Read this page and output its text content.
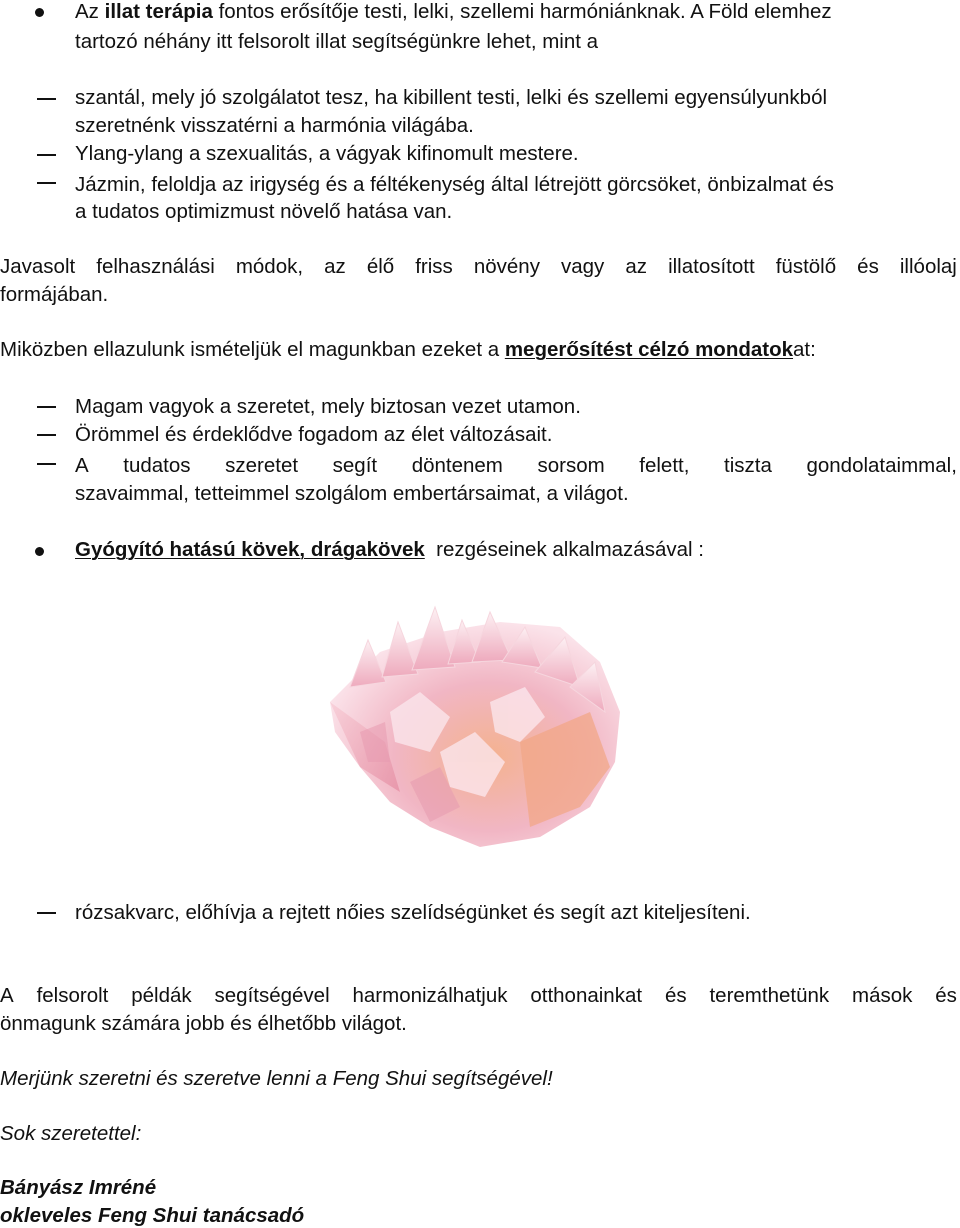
Az illat terápia fontos erősítője testi, lelki, szellemi harmóniánknak. A Föld elemhez
tartozó néhány itt felsorolt illat segítségünkre lehet, mint a
szantál, mely jó szolgálatot tesz, ha kibillent testi, lelki és szellemi egyensúlyunkból
szeretnénk visszatérni a harmónia világába.
Ylang-ylang a szexualitás, a vágyak kifinomult mestere.
Jázmin, feloldja az irigység és a féltékenység által létrejött görcsöket, önbizalmat és
a tudatos optimizmust növelő hatása van.
Javasolt felhasználási módok, az élő friss növény vagy az illatosított füstölő és illóolaj
formájában.
Miközben ellazulunk ismételjük el magunkban ezeket a megerősítést célzó mondatokat:
Magam vagyok a szeretet, mely biztosan vezet utamon.
Örömmel és érdeklődve fogadom az élet változásait.
A tudatos szeretet segít döntenem sorsom felett, tiszta gondolataimmal,
szavaimmal, tetteimmel szolgálom embertársaimat, a világot.
Gyógyító hatású kövek, drágakövek  rezgéseinek alkalmazásával :
rózsakvarc, előhívja a rejtett nőies szelídségünket és segít azt kiteljesíteni.
A felsorolt példák segítségével harmonizálhatjuk otthonainkat és teremthetünk mások és
önmagunk számára jobb és élhetőbb világot.
Merjünk szeretni és szeretve lenni a Feng Shui segítségével!
Sok szeretettel:
Bányász Imréné
okleveles Feng Shui tanácsadó
